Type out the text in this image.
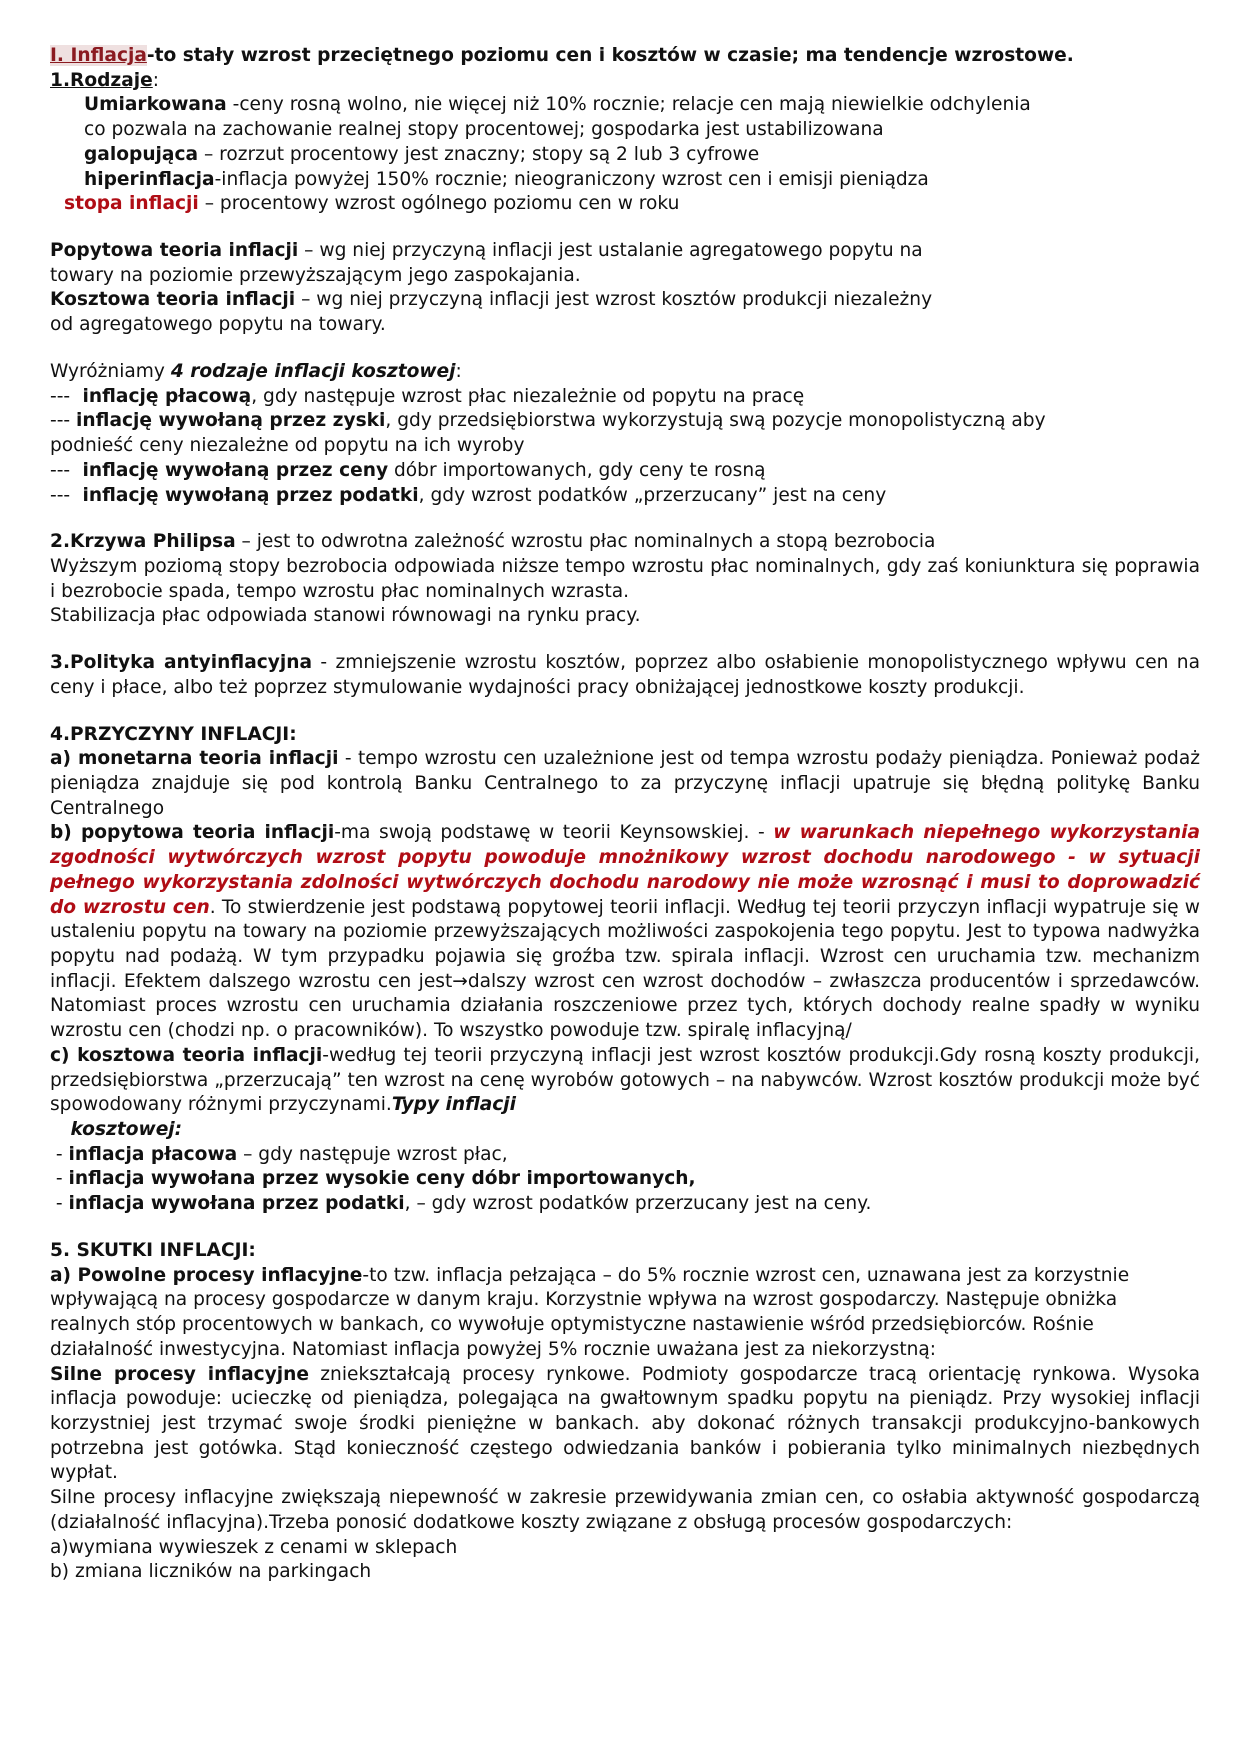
I. Inflacja-to stały wzrost przeciętnego poziomu cen i kosztów w czasie; ma tendencje wzrostowe.

1.Rodzaje:

Umiarkowana -ceny rosną wolno, nie więcej niż 10% rocznie; relacje cen mają niewielkie odchylenia

co pozwala na zachowanie realnej stopy procentowej; gospodarka jest ustabilizowana

galopująca – rozrzut procentowy jest znaczny; stopy są 2 lub 3 cyfrowe

hiperinflacja-inflacja powyżej 150% rocznie; nieograniczony wzrost cen i emisji pieniądza

stopa inflacji – procentowy wzrost ogólnego poziomu cen w roku

Popytowa teoria inflacji – wg niej przyczyną inflacji jest ustalanie agregatowego popytu na

towary na poziomie przewyższającym jego zaspokajania.

Kosztowa teoria inflacji – wg niej przyczyną inflacji jest wzrost kosztów produkcji niezależny

od agregatowego popytu na towary.

Wyróżniamy 4 rodzaje inflacji kosztowej:

---  inflację płacową, gdy następuje wzrost płac niezależnie od popytu na pracę

--- inflację wywołaną przez zyski, gdy przedsiębiorstwa wykorzystują swą pozycje monopolistyczną aby

podnieść ceny niezależne od popytu na ich wyroby

---  inflację wywołaną przez ceny dóbr importowanych, gdy ceny te rosną

---  inflację wywołaną przez podatki, gdy wzrost podatków „przerzucany” jest na ceny

2.Krzywa Philipsa – jest to odwrotna zależność wzrostu płac nominalnych a stopą bezrobocia

Wyższym poziomą stopy bezrobocia odpowiada niższe tempo wzrostu płac nominalnych, gdy zaś koniunktura się poprawia i bezrobocie spada, tempo wzrostu płac nominalnych wzrasta.

Stabilizacja płac odpowiada stanowi równowagi na rynku pracy.

3.Polityka antyinflacyjna - zmniejszenie wzrostu kosztów, poprzez albo osłabienie monopolistycznego wpływu cen na ceny i płace, albo też poprzez stymulowanie wydajności pracy obniżającej jednostkowe koszty produkcji.

4.PRZYCZYNY INFLACJI:

a) monetarna teoria inflacji - tempo wzrostu cen uzależnione jest od tempa wzrostu podaży pieniądza. Ponieważ podaż pieniądza znajduje się pod kontrolą Banku Centralnego to za przyczynę inflacji upatruje się błędną politykę Banku Centralnego

b) popytowa teoria inflacji-ma swoją podstawę w teorii Keynsowskiej. - w warunkach niepełnego wykorzystania zgodności wytwórczych wzrost popytu powoduje mnożnikowy wzrost dochodu narodowego - w sytuacji pełnego wykorzystania zdolności wytwórczych dochodu narodowy nie może wzrosnąć i musi to doprowadzić do wzrostu cen. To stwierdzenie jest podstawą popytowej teorii inflacji. Według tej teorii przyczyn inflacji wypatruje się w ustaleniu popytu na towary na poziomie przewyższających możliwości zaspokojenia tego popytu. Jest to typowa nadwyżka popytu nad podażą. W tym przypadku pojawia się groźba tzw. spirala inflacji. Wzrost cen uruchamia tzw. mechanizm inflacji. Efektem dalszego wzrostu cen jest→dalszy wzrost cen wzrost dochodów – zwłaszcza producentów i sprzedawców. Natomiast proces wzrostu cen uruchamia działania roszczeniowe przez tych, których dochody realne spadły w wyniku wzrostu cen (chodzi np. o pracowników). To wszystko powoduje tzw. spiralę inflacyjną/

c) kosztowa teoria inflacji-według tej teorii przyczyną inflacji jest wzrost kosztów produkcji.Gdy rosną koszty produkcji, przedsiębiorstwa „przerzucają” ten wzrost na cenę wyrobów gotowych – na nabywców. Wzrost kosztów produkcji może być spowodowany różnymi przyczynami.Typy inflacji

kosztowej:

- inflacja płacowa – gdy następuje wzrost płac,

- inflacja wywołana przez wysokie ceny dóbr importowanych,

- inflacja wywołana przez podatki, – gdy wzrost podatków przerzucany jest na ceny.

5. SKUTKI INFLACJI:

a) Powolne procesy inflacyjne-to tzw. inflacja pełzająca – do 5% rocznie wzrost cen, uznawana jest za korzystnie wpływającą na procesy gospodarcze w danym kraju. Korzystnie wpływa na wzrost gospodarczy. Następuje obniżka realnych stóp procentowych w bankach, co wywołuje optymistyczne nastawienie wśród przedsiębiorców. Rośnie działalność inwestycyjna. Natomiast inflacja powyżej 5% rocznie uważana jest za niekorzystną:

Silne procesy inflacyjne zniekształcają procesy rynkowe. Podmioty gospodarcze tracą orientację rynkowa. Wysoka inflacja powoduje: ucieczkę od pieniądza, polegająca na gwałtownym spadku popytu na pieniądz. Przy wysokiej inflacji korzystniej jest trzymać swoje środki pieniężne w bankach. aby dokonać różnych transakcji produkcyjno-bankowych potrzebna jest gotówka. Stąd konieczność częstego odwiedzania banków i pobierania tylko minimalnych niezbędnych wypłat.

Silne procesy inflacyjne zwiększają niepewność w zakresie przewidywania zmian cen, co osłabia aktywność gospodarczą (działalność inflacyjna).Trzeba ponosić dodatkowe koszty związane z obsługą procesów gospodarczych:

a)wymiana wywieszek z cenami w sklepach

b) zmiana liczników na parkingach
